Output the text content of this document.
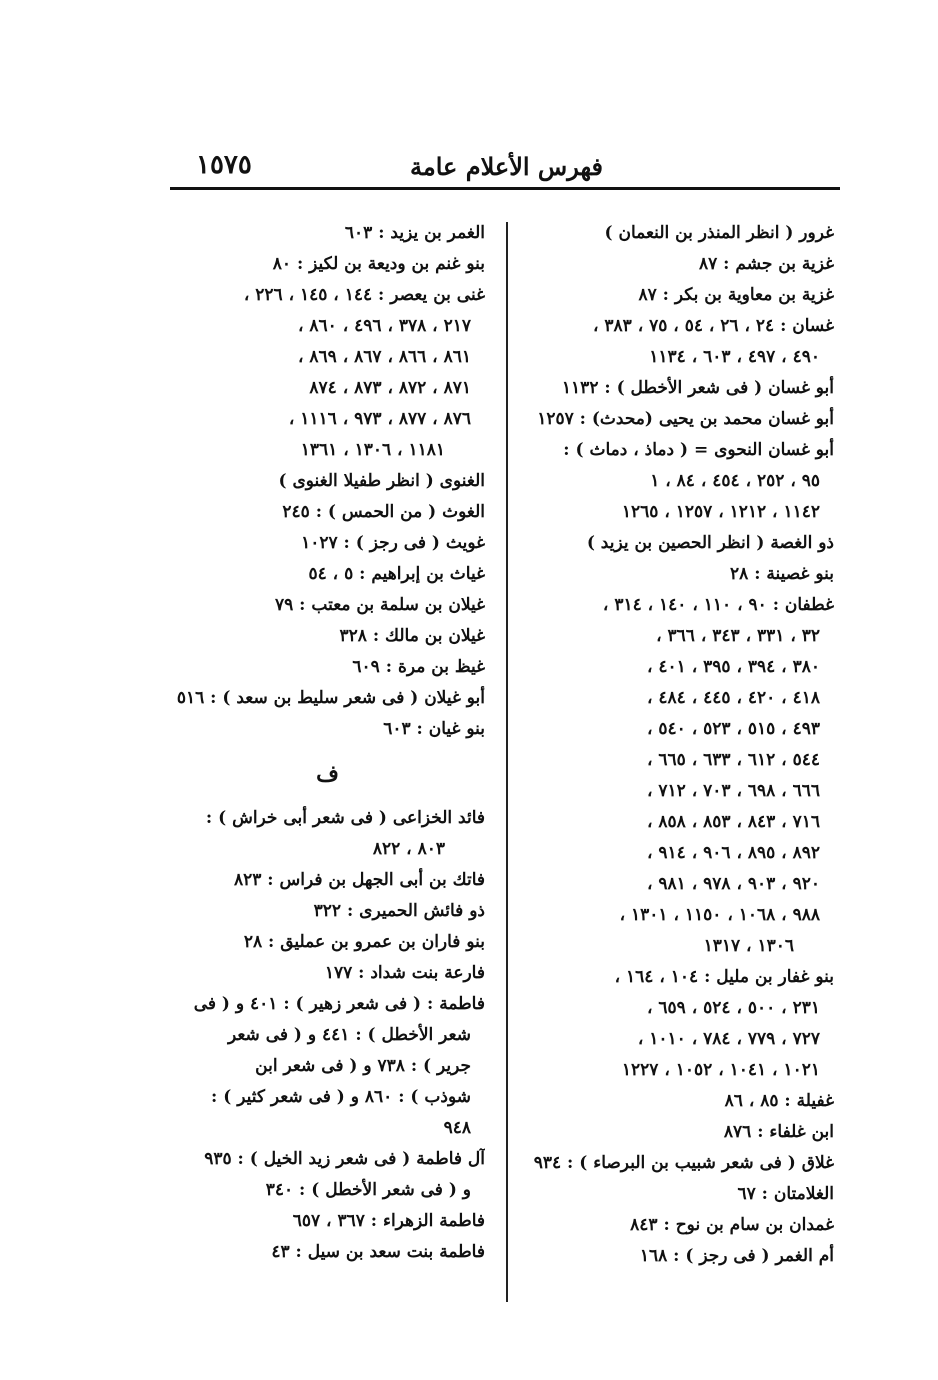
١٥٧٥	فهرس الأعلام عامة
غرور ( انظر المنذر بن النعمان )
غزية بن جشم : ٨٧
غزية بن معاوية بن بكر : ٨٧
غسان : ٢٤ ، ٢٦ ، ٥٤ ، ٧٥ ، ٣٨٣ ،
٤٩٠ ، ٤٩٧ ، ٦٠٣ ، ١١٣٤
أبو غسان ( فى شعر الأخطل ) : ١١٣٢
أبو غسان محمد بن يحيى (محدث) : ١٢٥٧
أبو غسان النحوى = ( دماذ ، دماث ) :
٩٥ ، ٢٥٢ ، ٤٥٤ ، ٨٤ ، ١
١١٤٢ ، ١٢١٢ ، ١٢٥٧ ، ١٢٦٥
ذو الغصة ( انظر الحصين بن يزيد )
بنو غصينة : ٢٨
غطفان : ٩٠ ، ١١٠ ، ١٤٠ ، ٣١٤ ،
٣٢ ، ٣٣١ ، ٣٤٣ ، ٣٦٦ ،
٣٨٠ ، ٣٩٤ ، ٣٩٥ ، ٤٠١ ،
٤١٨ ، ٤٢٠ ، ٤٤٥ ، ٤٨٤ ،
٤٩٣ ، ٥١٥ ، ٥٢٣ ، ٥٤٠ ،
٥٤٤ ، ٦١٢ ، ٦٣٣ ، ٦٦٥ ،
٦٦٦ ، ٦٩٨ ، ٧٠٣ ، ٧١٢ ،
٧١٦ ، ٨٤٣ ، ٨٥٣ ، ٨٥٨ ،
٨٩٢ ، ٨٩٥ ، ٩٠٦ ، ٩١٤ ،
٩٢٠ ، ٩٠٣ ، ٩٧٨ ، ٩٨١ ،
٩٨٨ ، ١٠٦٨ ، ١١٥٠ ، ١٣٠١ ،
١٣٠٦ ، ١٣١٧
بنو غفار بن مليل : ١٠٤ ، ١٦٤ ،
٢٣١ ، ٥٠٠ ، ٥٢٤ ، ٦٥٩ ،
٧٢٧ ، ٧٧٩ ، ٧٨٤ ، ١٠١٠ ،
١٠٢١ ، ١٠٤١ ، ١٠٥٢ ، ١٢٢٧
غفيلة : ٨٥ ، ٨٦
ابن غلفاء : ٨٧٦
غلاق ( فى شعر شبيب بن البرصاء ) : ٩٣٤
الغلامتان : ٦٧
غمدان بن سام بن نوح : ٨٤٣
أم الغمر ( فى رجز ) : ١٦٨
الغمر بن يزيد : ٦٠٣
بنو غنم بن ودیعة بن لكيز : ٨٠
غنى بن يعصر : ١٤٤ ، ١٤٥ ، ٢٢٦ ،
٢١٧ ، ٣٧٨ ، ٤٩٦ ، ٨٦٠ ،
٨٦١ ، ٨٦٦ ، ٨٦٧ ، ٨٦٩ ،
٨٧١ ، ٨٧٢ ، ٨٧٣ ، ٨٧٤
٨٧٦ ، ٨٧٧ ، ٩٧٣ ، ١١١٦ ،
١١٨١ ، ١٣٠٦ ، ١٣٦١
الغنوى ( انظر طفيلا الغنوى )
الغوث ( من الحمس ) : ٢٤٥
غويث ( فى رجز ) : ١٠٢٧
غياث بن إبراهيم : ٥ ، ٥٤
غيلان بن سلمة بن معتب : ٧٩
غيلان بن مالك : ٣٢٨
غيظ بن مرة : ٦٠٩
أبو غيلان ( فى شعر سليط بن سعد ) : ٥١٦
بنو غيان : ٦٠٣
ف
فائد الخزاعى ( فى شعر أبى خراش ) :
٨٠٣ ، ٨٢٢
فاتك بن أبى الجهل بن فراس : ٨٢٣
ذو فائش الحميرى : ٣٢٢
بنو فاران بن عمرو بن عمليق : ٢٨
فارعة بنت شداد : ١٧٧
فاطمة : ( فى شعر زهير ) : ٤٠١ و ( فى
شعر الأخطل ) : ٤٤١ و ( فى شعر
جرير ) : ٧٣٨ و ( فى شعر ابن
شوذب ) : ٨٦٠ و ( فى شعر كثير ) :
٩٤٨
آل فاطمة ( فى شعر زيد الخيل ) : ٩٣٥
و ( فى شعر الأخطل ) : ٣٤٠
فاطمة الزهراء : ٣٦٧ ، ٦٥٧
فاطمة بنت سعد بن سيل : ٤٣
